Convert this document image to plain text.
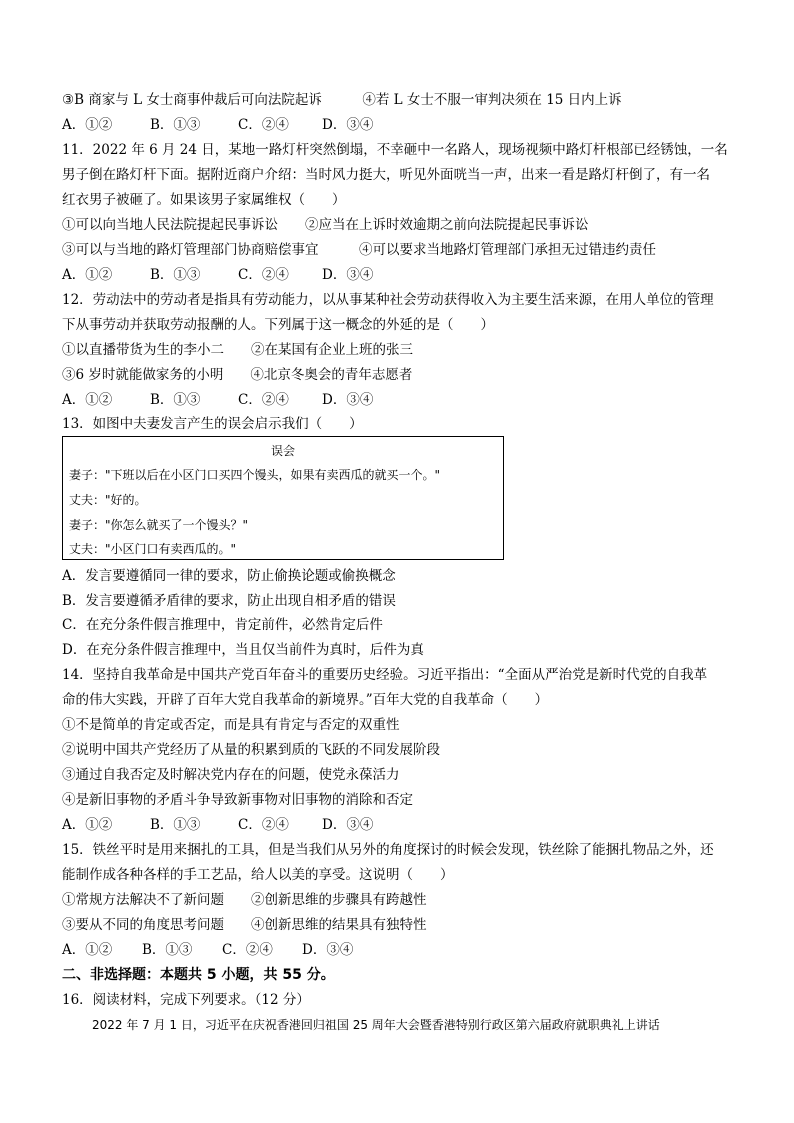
③B 商家与 L 女士商事仲裁后可向法院起诉　　　④若 L 女士不服一审判决须在 15 日内上诉
A．①②	B．①③	C．②④ D．③④
11．2022 年 6 月 24 日，某地一路灯杆突然倒塌，不幸砸中一名路人，现场视频中路灯杆根部已经锈蚀，一名
男子倒在路灯杆下面。据附近商户介绍：当时风力挺大，听见外面咣当一声，出来一看是路灯杆倒了，有一名
红衣男子被砸了。如果该男子家属维权（　　）
①可以向当地人民法院提起民事诉讼　　②应当在上诉时效逾期之前向法院提起民事诉讼
③可以与当地的路灯管理部门协商赔偿事宜　　　④可以要求当地路灯管理部门承担无过错违约责任
A．①②	B．①③	C．②④ D．③④
12．劳动法中的劳动者是指具有劳动能力，以从事某种社会劳动获得收入为主要生活来源，在用人单位的管理
下从事劳动并获取劳动报酬的人。下列属于这一概念的外延的是（　　）
①以直播带货为生的李小二　　②在某国有企业上班的张三
③6 岁时就能做家务的小明　　④北京冬奥会的青年志愿者
A．①②	B．①③	C．②④ D．③④
13．如图中夫妻发言产生的误会启示我们（　　）
误会
妻子："下班以后在小区门口买四个馒头，如果有卖西瓜的就买一个。"
丈夫："好的。
妻子："你怎么就买了一个馒头？"
丈夫："小区门口有卖西瓜的。"
A．发言要遵循同一律的要求，防止偷换论题或偷换概念
B．发言要遵循矛盾律的要求，防止出现自相矛盾的错误
C．在充分条件假言推理中，肯定前件，必然肯定后件
D．在充分条件假言推理中，当且仅当前件为真时，后件为真
14．坚持自我革命是中国共产党百年奋斗的重要历史经验。习近平指出：“全面从严治党是新时代党的自我革
命的伟大实践，开辟了百年大党自我革命的新境界。”百年大党的自我革命（　　）
①不是简单的肯定或否定，而是具有肯定与否定的双重性
②说明中国共产党经历了从量的积累到质的飞跃的不同发展阶段
③通过自我否定及时解决党内存在的问题，使党永葆活力
④是新旧事物的矛盾斗争导致新事物对旧事物的消除和否定
A．①②	B．①③	C．②④ D．③④
15．铁丝平时是用来捆扎的工具，但是当我们从另外的角度探讨的时候会发现，铁丝除了能捆扎物品之外，还
能制作成各种各样的手工艺品，给人以美的享受。这说明（　　）
①常规方法解决不了新问题　　②创新思维的步骤具有跨越性
③要从不同的角度思考问题　　④创新思维的结果具有独特性
A．①② B．①③ C．②④ D．③④
二、非选择题：本题共 5 小题，共 55 分。
16．阅读材料，完成下列要求。（12 分）
2022 年 7 月 1 日，习近平在庆祝香港回归祖国 25 周年大会暨香港特别行政区第六届政府就职典礼上讲话
